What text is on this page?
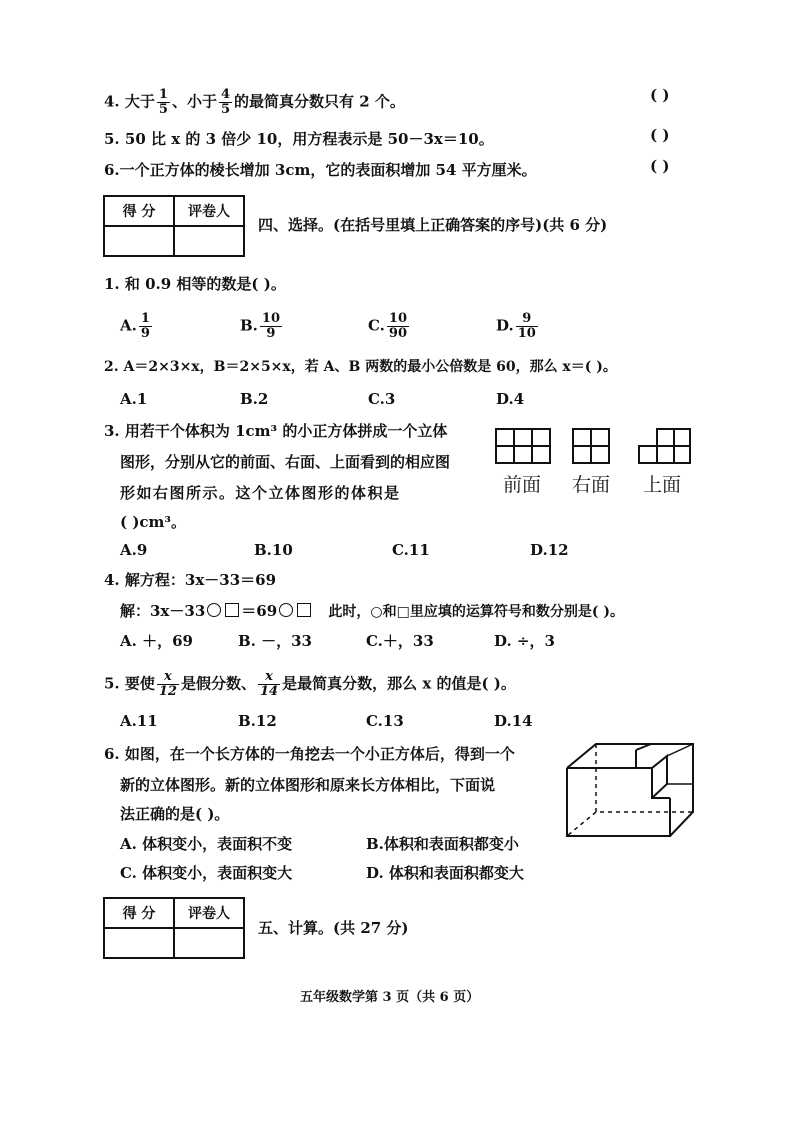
4. 大于 $\frac{1}{5}$ 、小于 $\frac{4}{5}$ 的最简真分数只有 2 个。	( )
5. 50 比 x 的 3 倍少 10，用方程表示是 50－3x＝10。	( )
6.一个正方体的棱长增加 3cm，它的表面积增加 54 平方厘米。	( )
得 分	评卷人

四、选择。(在括号里填上正确答案的序号)(共 6 分)
1. 和 0.9 相等的数是( )。
A. $\frac{1}{9}$	B. $\frac{10}{9}$	C. $\frac{10}{90}$	D. $\frac{9}{10}$
2. A＝2×3×x，B＝2×5×x，若 A、B 两数的最小公倍数是 60，那么 x＝( )。
A.1	B.2	C.3	D.4
3. 用若干个体积为 1cm³ 的小正方体拼成一个立体
图形，分别从它的前面、右面、上面看到的相应图
形如右图所示。这个立体图形的体积是
( )cm³。
前面 右面 上面
A.9	B.10	C.11	D.12
4. 解方程：3x－33＝69
解：3x－33 ＝69	此时，○和□里应填的运算符号和数分别是( )。
A. ＋，69	B. －，33	C.＋，33	D. ÷，3
5. 要使 $\frac{x}{12}$ 是假分数、 $\frac{x}{14}$ 是最简真分数，那么 x 的值是( )。
A.11	B.12	C.13	D.14
6. 如图，在一个长方体的一角挖去一个小正方体后，得到一个
新的立体图形。新的立体图形和原来长方体相比，下面说
法正确的是( )。
A. 体积变小，表面积不变	B.体积和表面积都变小
C. 体积变小，表面积变大	D. 体积和表面积都变大
得 分	评卷人

五、计算。(共 27 分)
五年级数学第 3 页（共 6 页）
